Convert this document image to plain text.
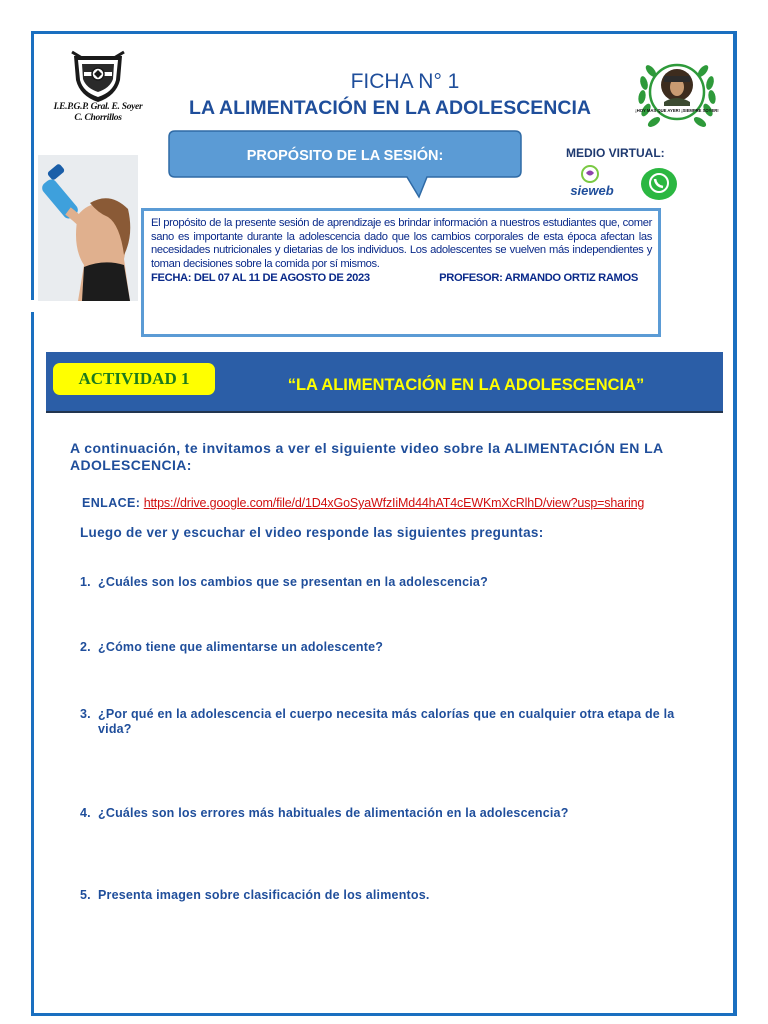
I.E.P.G.P. Gral. E. Soyer C. Chorrillos
FICHA N° 1
LA ALIMENTACIÓN EN LA ADOLESCENCIA	¡HOY MAS QUE AYER! ¡SIEMPRE SOYER!
PROPÓSITO DE LA SESIÓN:	MEDIO VIRTUAL:
sieweb
El propósito de la presente sesión de aprendizaje es brindar información a nuestros estudiantes que, comer sano es importante durante la adolescencia dado que los cambios corporales de esta época afectan las necesidades nutricionales y dietarias de los individuos. Los adolescentes se vuelven más independientes y toman decisiones sobre la comida por sí mismos.
FECHA: DEL 07 AL 11 DE AGOSTO DE 2023	PROFESOR: ARMANDO ORTIZ RAMOS
ACTIVIDAD 1	“LA ALIMENTACIÓN EN LA ADOLESCENCIA”
A continuación, te invitamos a ver el siguiente video sobre la ALIMENTACIÓN EN LA ADOLESCENCIA:
ENLACE: https://drive.google.com/file/d/1D4xGoSyaWfzIiMd44hAT4cEWKmXcRlhD/view?usp=sharing
Luego de ver y escuchar el video responde las siguientes preguntas:
1. ¿Cuáles son los cambios que se presentan en la adolescencia?
2. ¿Cómo tiene que alimentarse un adolescente?
3. ¿Por qué en la adolescencia el cuerpo necesita más calorías que en cualquier otra etapa de la vida?
4. ¿Cuáles son los errores más habituales de alimentación en la adolescencia?
5. Presenta imagen sobre clasificación de los alimentos.
